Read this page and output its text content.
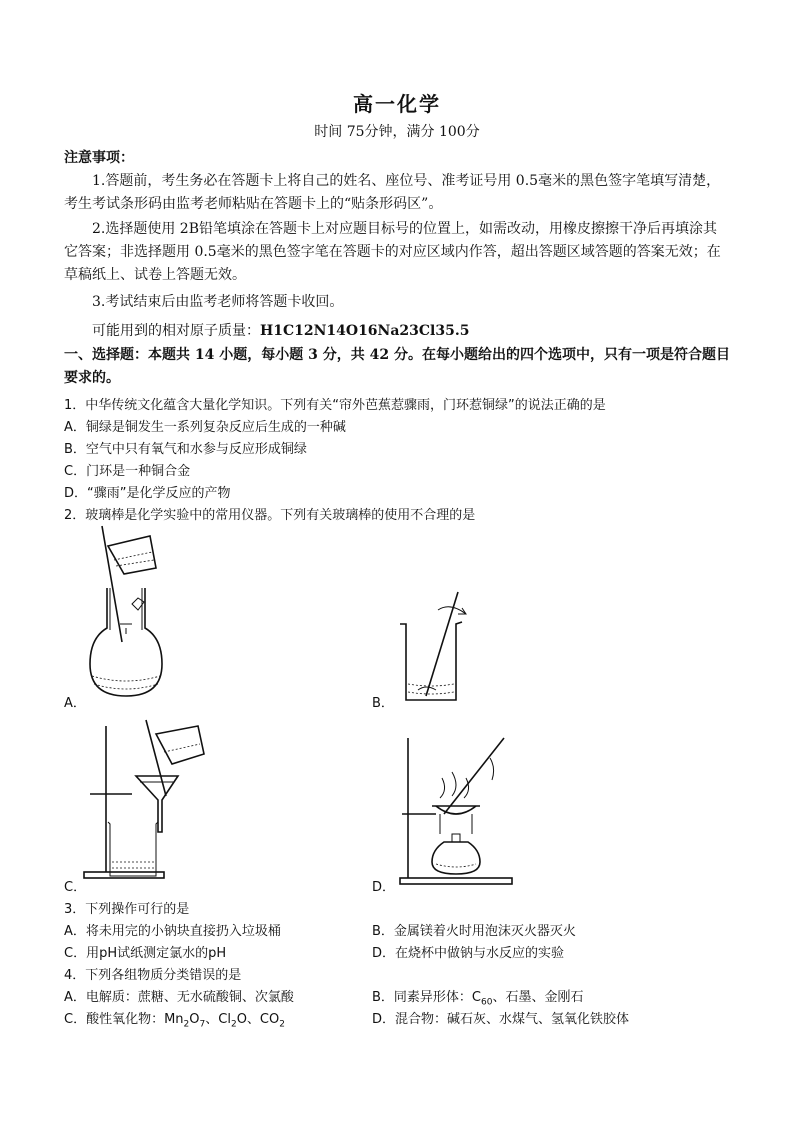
高一化学
时间 75分钟，满分 100分
注意事项：
1.答题前，考生务必在答题卡上将自己的姓名、座位号、准考证号用 0.5毫米的黑色签字笔填写清楚，考生考试条形码由监考老师粘贴在答题卡上的“贴条形码区”。
2.选择题使用 2B铅笔填涂在答题卡上对应题目标号的位置上，如需改动，用橡皮擦擦干净后再填涂其它答案；非选择题用 0.5毫米的黑色签字笔在答题卡的对应区域内作答，超出答题区域答题的答案无效；在草稿纸上、试卷上答题无效。
3.考试结束后由监考老师将答题卡收回。
可能用到的相对原子质量：H1C12N14O16Na23Cl35.5
一、选择题：本题共 14 小题，每小题 3 分，共 42 分。在每小题给出的四个选项中，只有一项是符合题目要求的。
1．中华传统文化蕴含大量化学知识。下列有关“帘外芭蕉惹骤雨，门环惹铜绿”的说法正确的是
A．铜绿是铜发生一系列复杂反应后生成的一种碱
B．空气中只有氧气和水参与反应形成铜绿
C．门环是一种铜合金
D．“骤雨”是化学反应的产物
2．玻璃棒是化学实验中的常用仪器。下列有关玻璃棒的使用不合理的是
A．	B．
C．	D．
3．下列操作可行的是
A．将未用完的小钠块直接扔入垃圾桶	B．金属镁着火时用泡沫灭火器灭火
C．用pH试纸测定氯水的pH	D．在烧杯中做钠与水反应的实验
4．下列各组物质分类错误的是
A．电解质：蔗糖、无水硫酸铜、次氯酸	B．同素异形体：$C_{60}$、石墨、金刚石
C．酸性氧化物：$Mn_2O_7$、$Cl_2O$、$CO_2$	D．混合物：碱石灰、水煤气、氢氧化铁胶体
